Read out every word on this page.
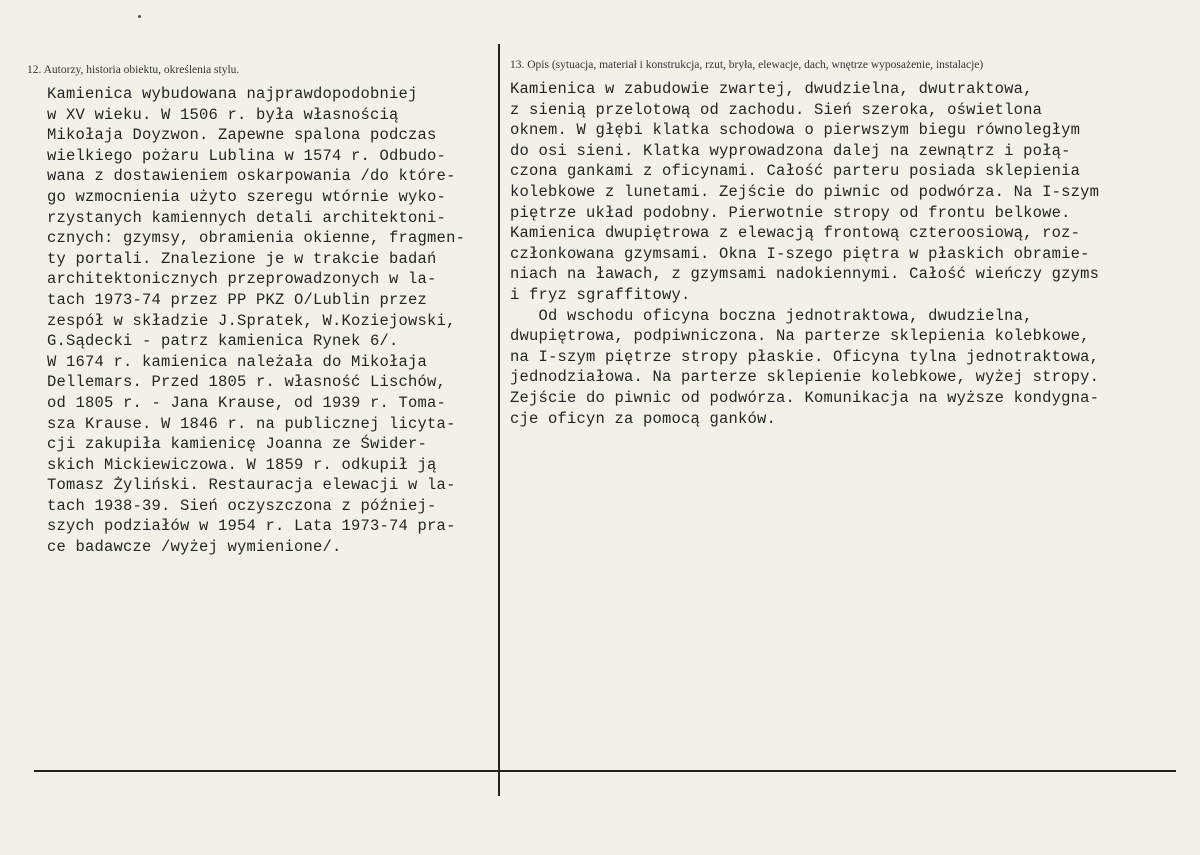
12. Autorzy, historia obiektu, określenia stylu.	13. Opis (sytuacja, materiał i konstrukcja, rzut, bryła, elewacje, dach, wnętrze wyposażenie, instalacje)
Kamienica wybudowana najprawdopodobniej
w XV wieku. W 1506 r. była własnością
Mikołaja Doyzwon. Zapewne spalona podczas
wielkiego pożaru Lublina w 1574 r. Odbudo-
wana z dostawieniem oskarpowania /do które-
go wzmocnienia użyto szeregu wtórnie wyko-
rzystanych kamiennych detali architektoni-
cznych: gzymsy, obramienia okienne, fragmen-
ty portali. Znalezione je w trakcie badań
architektonicznych przeprowadzonych w la-
tach 1973-74 przez PP PKZ O/Lublin przez
zespół w składzie J.Spratek, W.Koziejowski,
G.Sądecki - patrz kamienica Rynek 6/.
W 1674 r. kamienica należała do Mikołaja
Dellemars. Przed 1805 r. własność Lischów,
od 1805 r. - Jana Krause, od 1939 r. Toma-
sza Krause. W 1846 r. na publicznej licyta-
cji zakupiła kamienicę Joanna ze Świder-
skich Mickiewiczowa. W 1859 r. odkupił ją
Tomasz Żyliński. Restauracja elewacji w la-
tach 1938-39. Sień oczyszczona z później-
szych podziałów w 1954 r. Lata 1973-74 pra-
ce badawcze /wyżej wymienione/.
Kamienica w zabudowie zwartej, dwudzielna, dwutraktowa,
z sienią przelotową od zachodu. Sień szeroka, oświetlona
oknem. W głębi klatka schodowa o pierwszym biegu równoległym
do osi sieni. Klatka wyprowadzona dalej na zewnątrz i połą-
czona gankami z oficynami. Całość parteru posiada sklepienia
kolebkowe z lunetami. Zejście do piwnic od podwórza. Na I-szym
piętrze układ podobny. Pierwotnie stropy od frontu belkowe.
Kamienica dwupiętrowa z elewacją frontową czteroosiową, roz-
członkowana gzymsami. Okna I-szego piętra w płaskich obramie-
niach na ławach, z gzymsami nadokiennymi. Całość wieńczy gzyms
i fryz sgraffitowy.
Od wschodu oficyna boczna jednotraktowa, dwudzielna,
dwupiętrowa, podpiwniczona. Na parterze sklepienia kolebkowe,
na I-szym piętrze stropy płaskie. Oficyna tylna jednotraktowa,
jednodziałowa. Na parterze sklepienie kolebkowe, wyżej stropy.
Zejście do piwnic od podwórza. Komunikacja na wyższe kondygna-
cje oficyn za pomocą ganków.
